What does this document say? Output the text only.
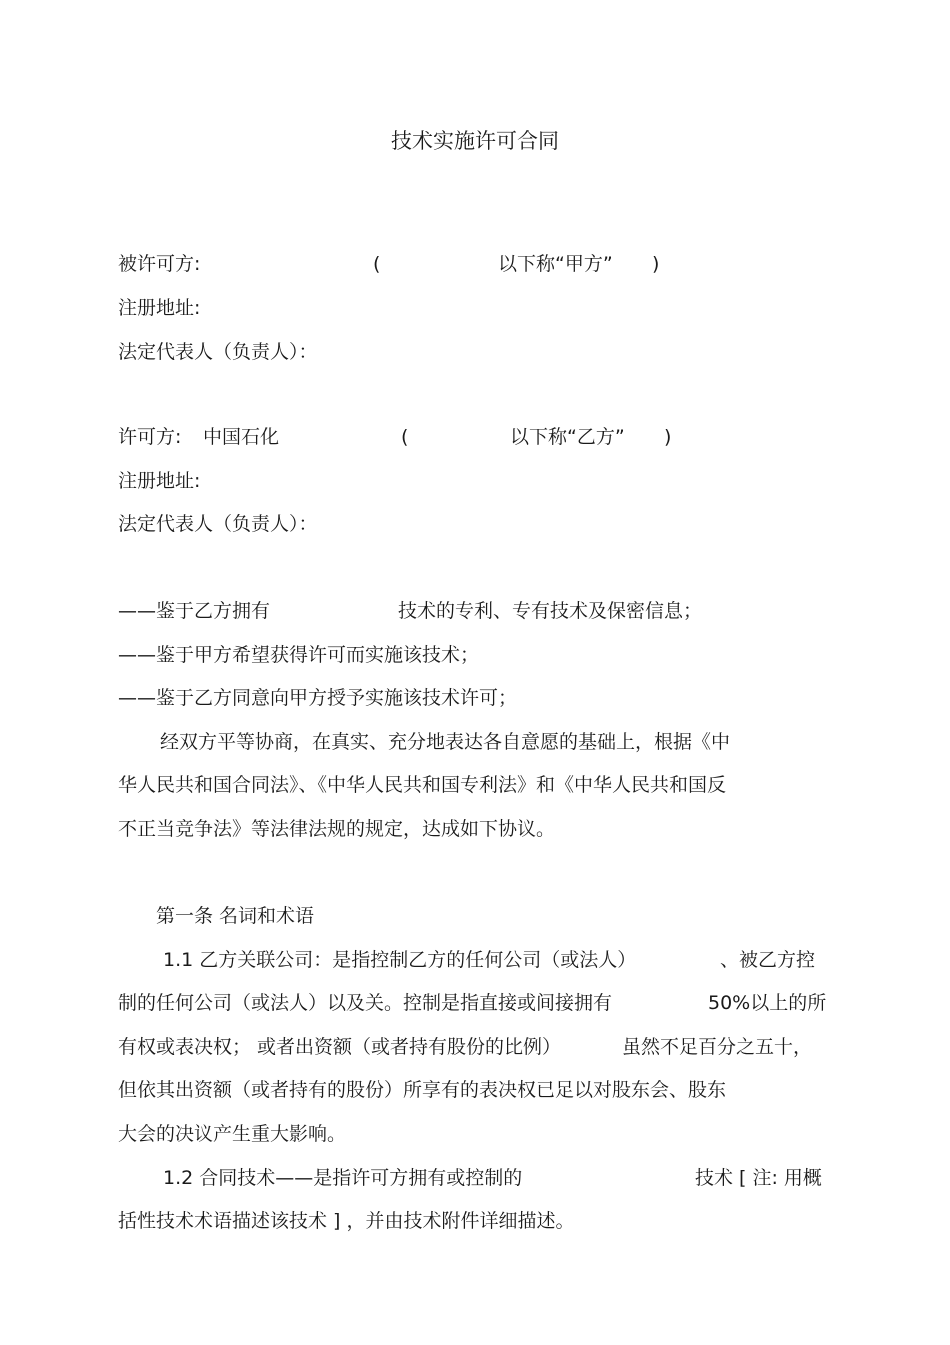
技术实施许可合同
被许可方:	(	以下称“甲方” )
注册地址:
法定代表人（负责人）：
许可方: 中国石化	(	以下称“乙方” )
注册地址:
法定代表人（负责人）：
——鉴于乙方拥有	技术的专利、专有技术及保密信息；
——鉴于甲方希望获得许可而实施该技术；
——鉴于乙方同意向甲方授予实施该技术许可；
经双方平等协商，在真实、充分地表达各自意愿的基础上，根据《中
华人民共和国合同法》、《中华人民共和国专利法》和《中华人民共和国反
不正当竞争法》等法律法规的规定，达成如下协议。
第一条 名词和术语
1.1 乙方关联公司：是指控制乙方的任何公司（或法人）	、被乙方控
制的任何公司（或法人）以及关。控制是指直接或间接拥有	50%以上的所
有权或表决权； 或者出资额（或者持有股份的比例）	虽然不足百分之五十，
但依其出资额（或者持有的股份）所享有的表决权已足以对股东会、股东
大会的决议产生重大影响。
1.2 合同技术——是指许可方拥有或控制的	技术 [ 注: 用概
括性技术术语描述该技术 ] ，并由技术附件详细描述。
